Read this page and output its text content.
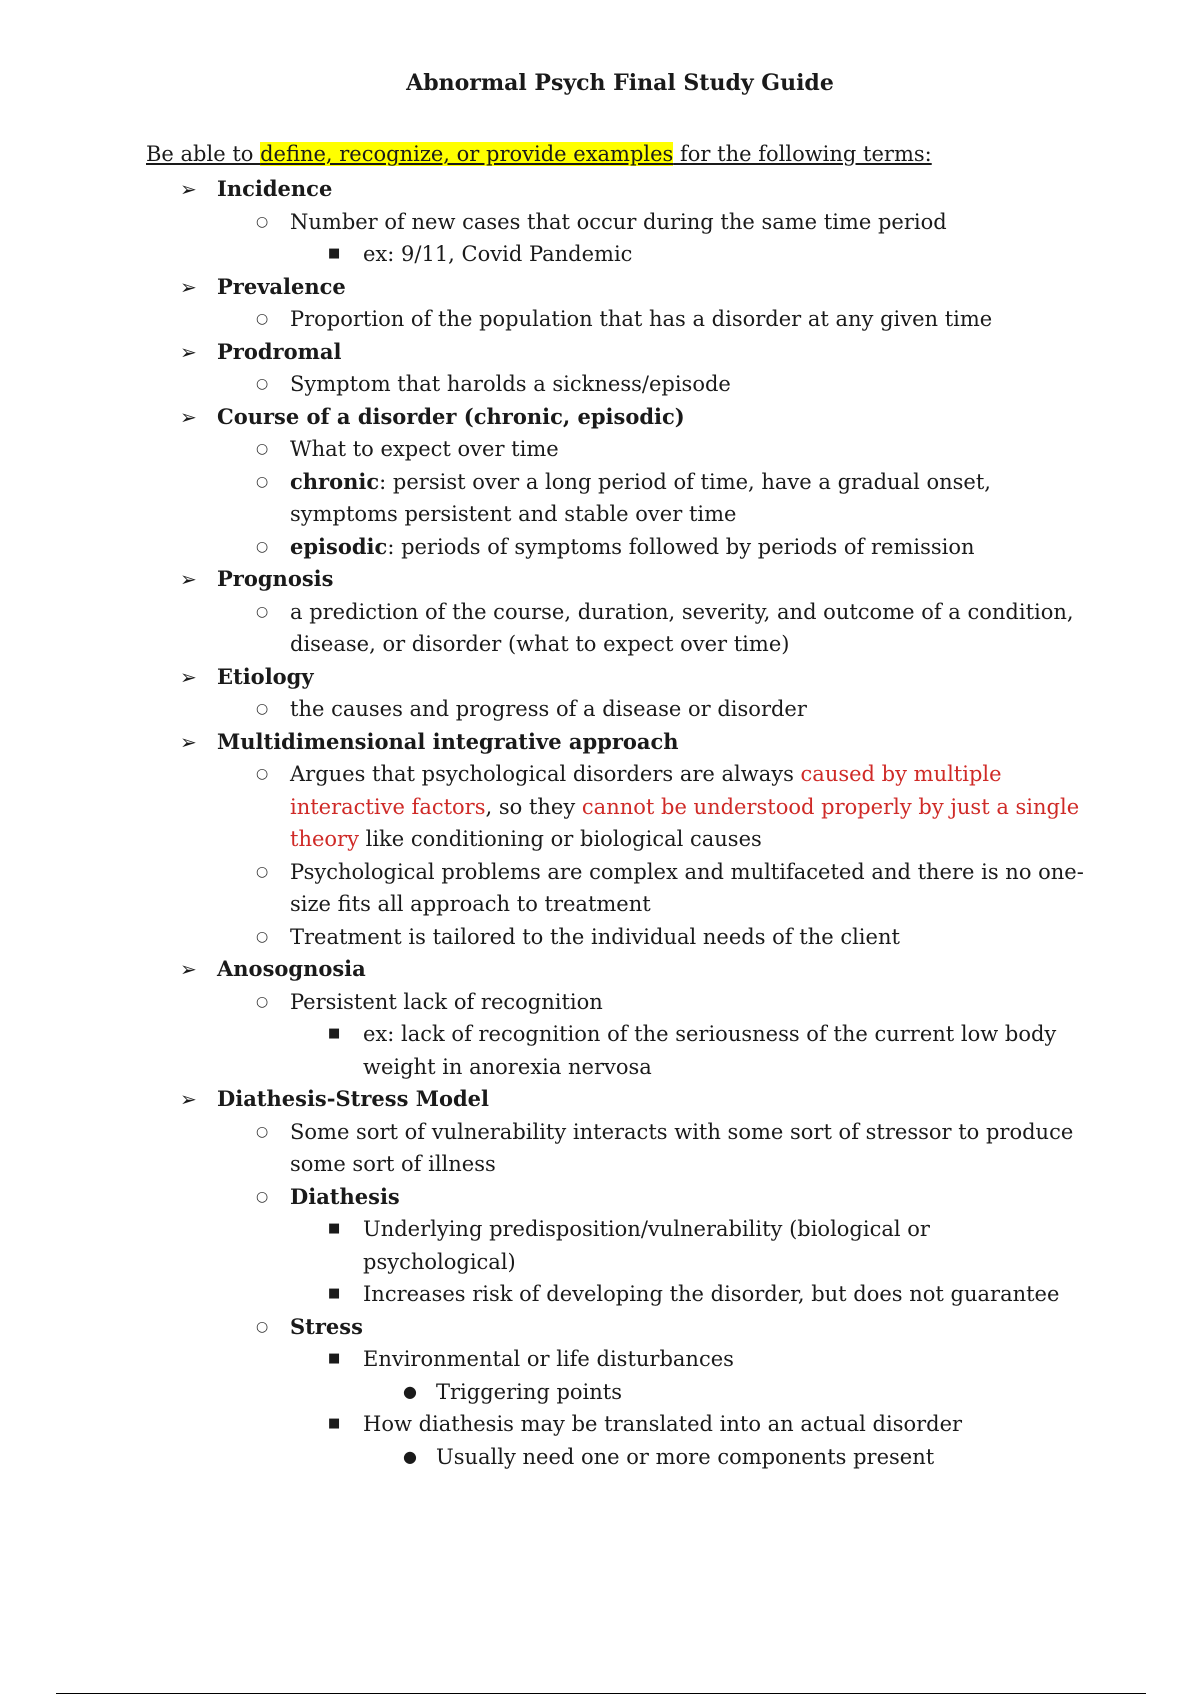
Abnormal Psych Final Study Guide

Be able to define, recognize, or provide examples for the following terms:

➢ Incidence
○ Number of new cases that occur during the same time period
■ ex: 9/11, Covid Pandemic
➢ Prevalence
○ Proportion of the population that has a disorder at any given time
➢ Prodromal
○ Symptom that harolds a sickness/episode
➢ Course of a disorder (chronic, episodic)
○ What to expect over time
○ chronic: persist over a long period of time, have a gradual onset, symptoms persistent and stable over time
○ episodic: periods of symptoms followed by periods of remission
➢ Prognosis
○ a prediction of the course, duration, severity, and outcome of a condition, disease, or disorder (what to expect over time)
➢ Etiology
○ the causes and progress of a disease or disorder
➢ Multidimensional integrative approach
○ Argues that psychological disorders are always caused by multiple interactive factors, so they cannot be understood properly by just a single theory like conditioning or biological causes
○ Psychological problems are complex and multifaceted and there is no one-size fits all approach to treatment
○ Treatment is tailored to the individual needs of the client
➢ Anosognosia
○ Persistent lack of recognition
■ ex: lack of recognition of the seriousness of the current low body weight in anorexia nervosa
➢ Diathesis-Stress Model
○ Some sort of vulnerability interacts with some sort of stressor to produce some sort of illness
○ Diathesis
■ Underlying predisposition/vulnerability (biological or psychological)
■ Increases risk of developing the disorder, but does not guarantee
○ Stress
■ Environmental or life disturbances
● Triggering points
■ How diathesis may be translated into an actual disorder
● Usually need one or more components present
